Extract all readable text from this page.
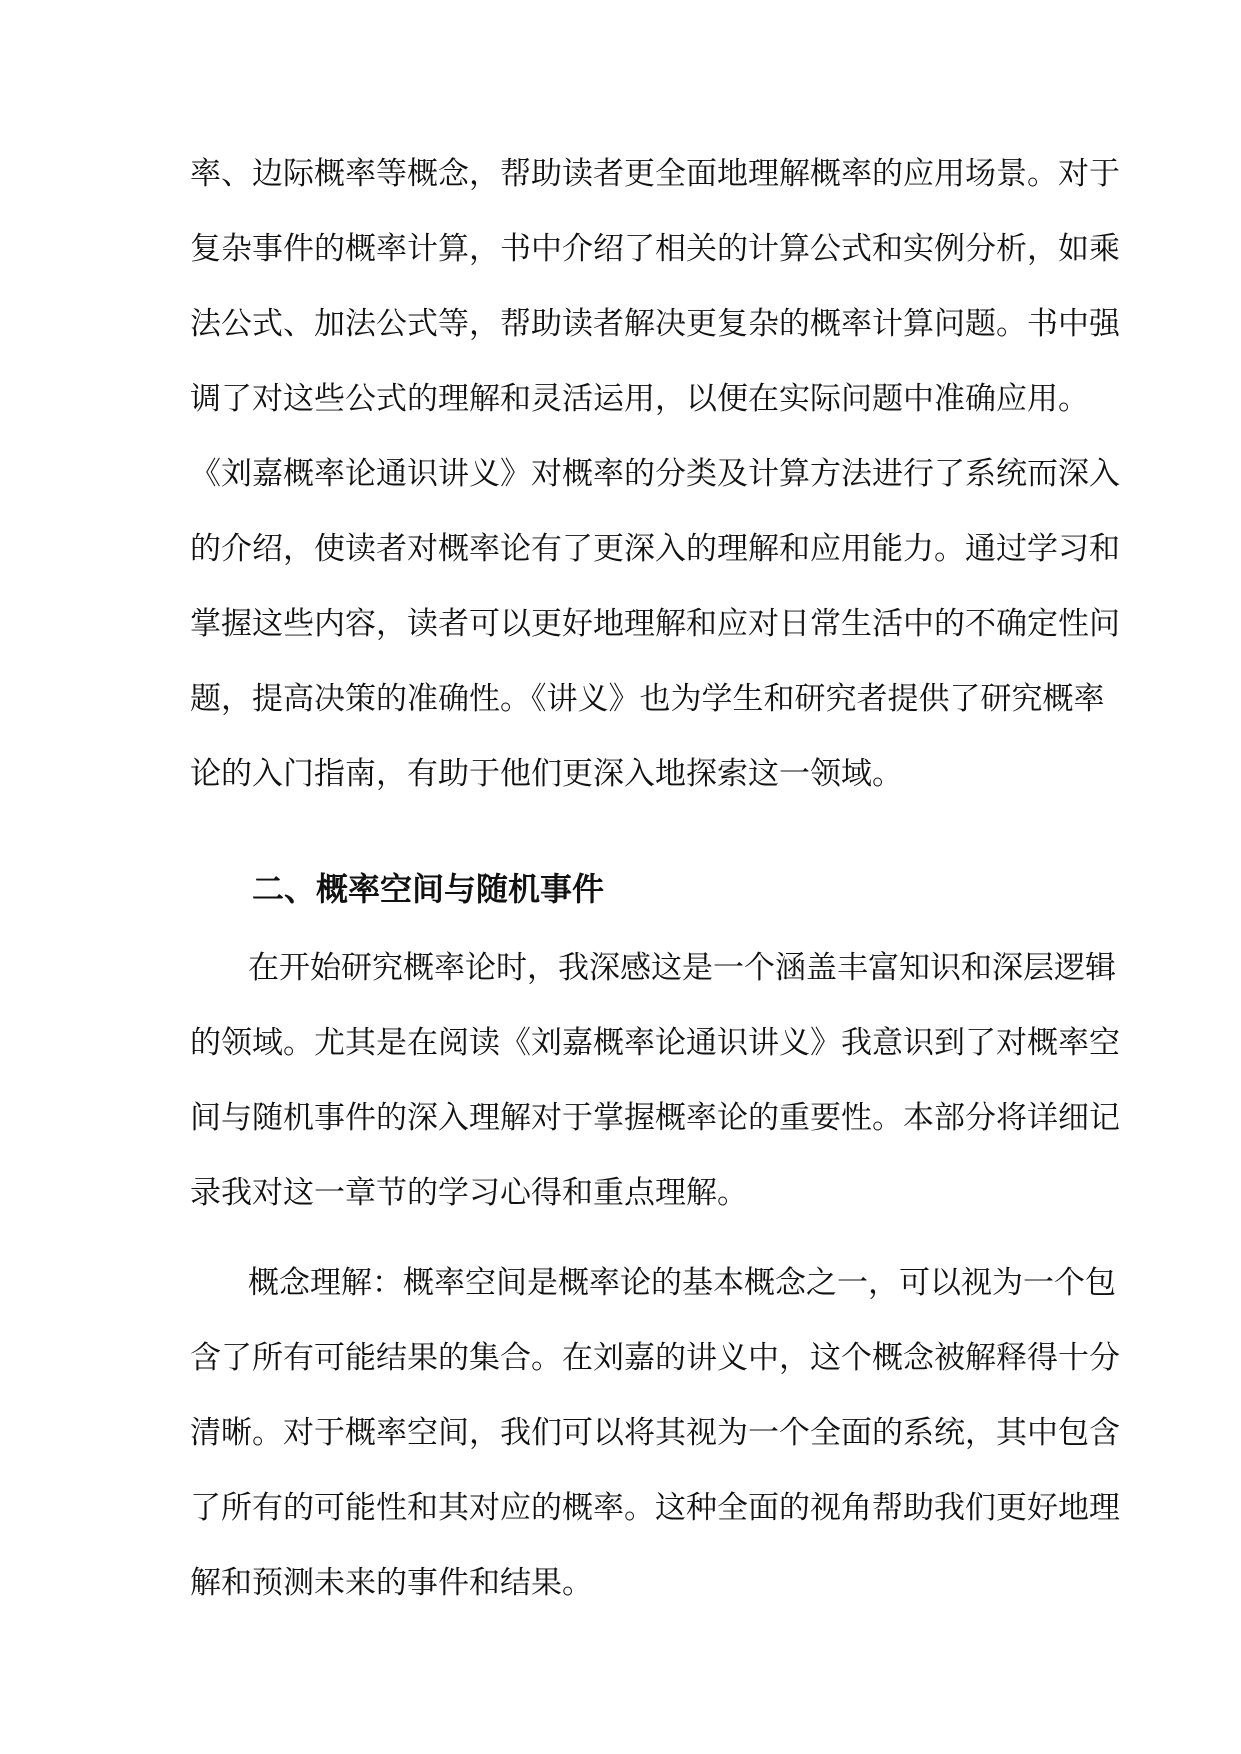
率、边际概率等概念，帮助读者更全面地理解概率的应用场景。对于
复杂事件的概率计算，书中介绍了相关的计算公式和实例分析，如乘
法公式、加法公式等，帮助读者解决更复杂的概率计算问题。书中强
调了对这些公式的理解和灵活运用，以便在实际问题中准确应用。
《刘嘉概率论通识讲义》对概率的分类及计算方法进行了系统而深入
的介绍，使读者对概率论有了更深入的理解和应用能力。通过学习和
掌握这些内容，读者可以更好地理解和应对日常生活中的不确定性问
题，提高决策的准确性。《讲义》也为学生和研究者提供了研究概率
论的入门指南，有助于他们更深入地探索这一领域。
二、概率空间与随机事件
在开始研究概率论时，我深感这是一个涵盖丰富知识和深层逻辑
的领域。尤其是在阅读《刘嘉概率论通识讲义》我意识到了对概率空
间与随机事件的深入理解对于掌握概率论的重要性。本部分将详细记
录我对这一章节的学习心得和重点理解。
概念理解：概率空间是概率论的基本概念之一，可以视为一个包
含了所有可能结果的集合。在刘嘉的讲义中，这个概念被解释得十分
清晰。对于概率空间，我们可以将其视为一个全面的系统，其中包含
了所有的可能性和其对应的概率。这种全面的视角帮助我们更好地理
解和预测未来的事件和结果。
